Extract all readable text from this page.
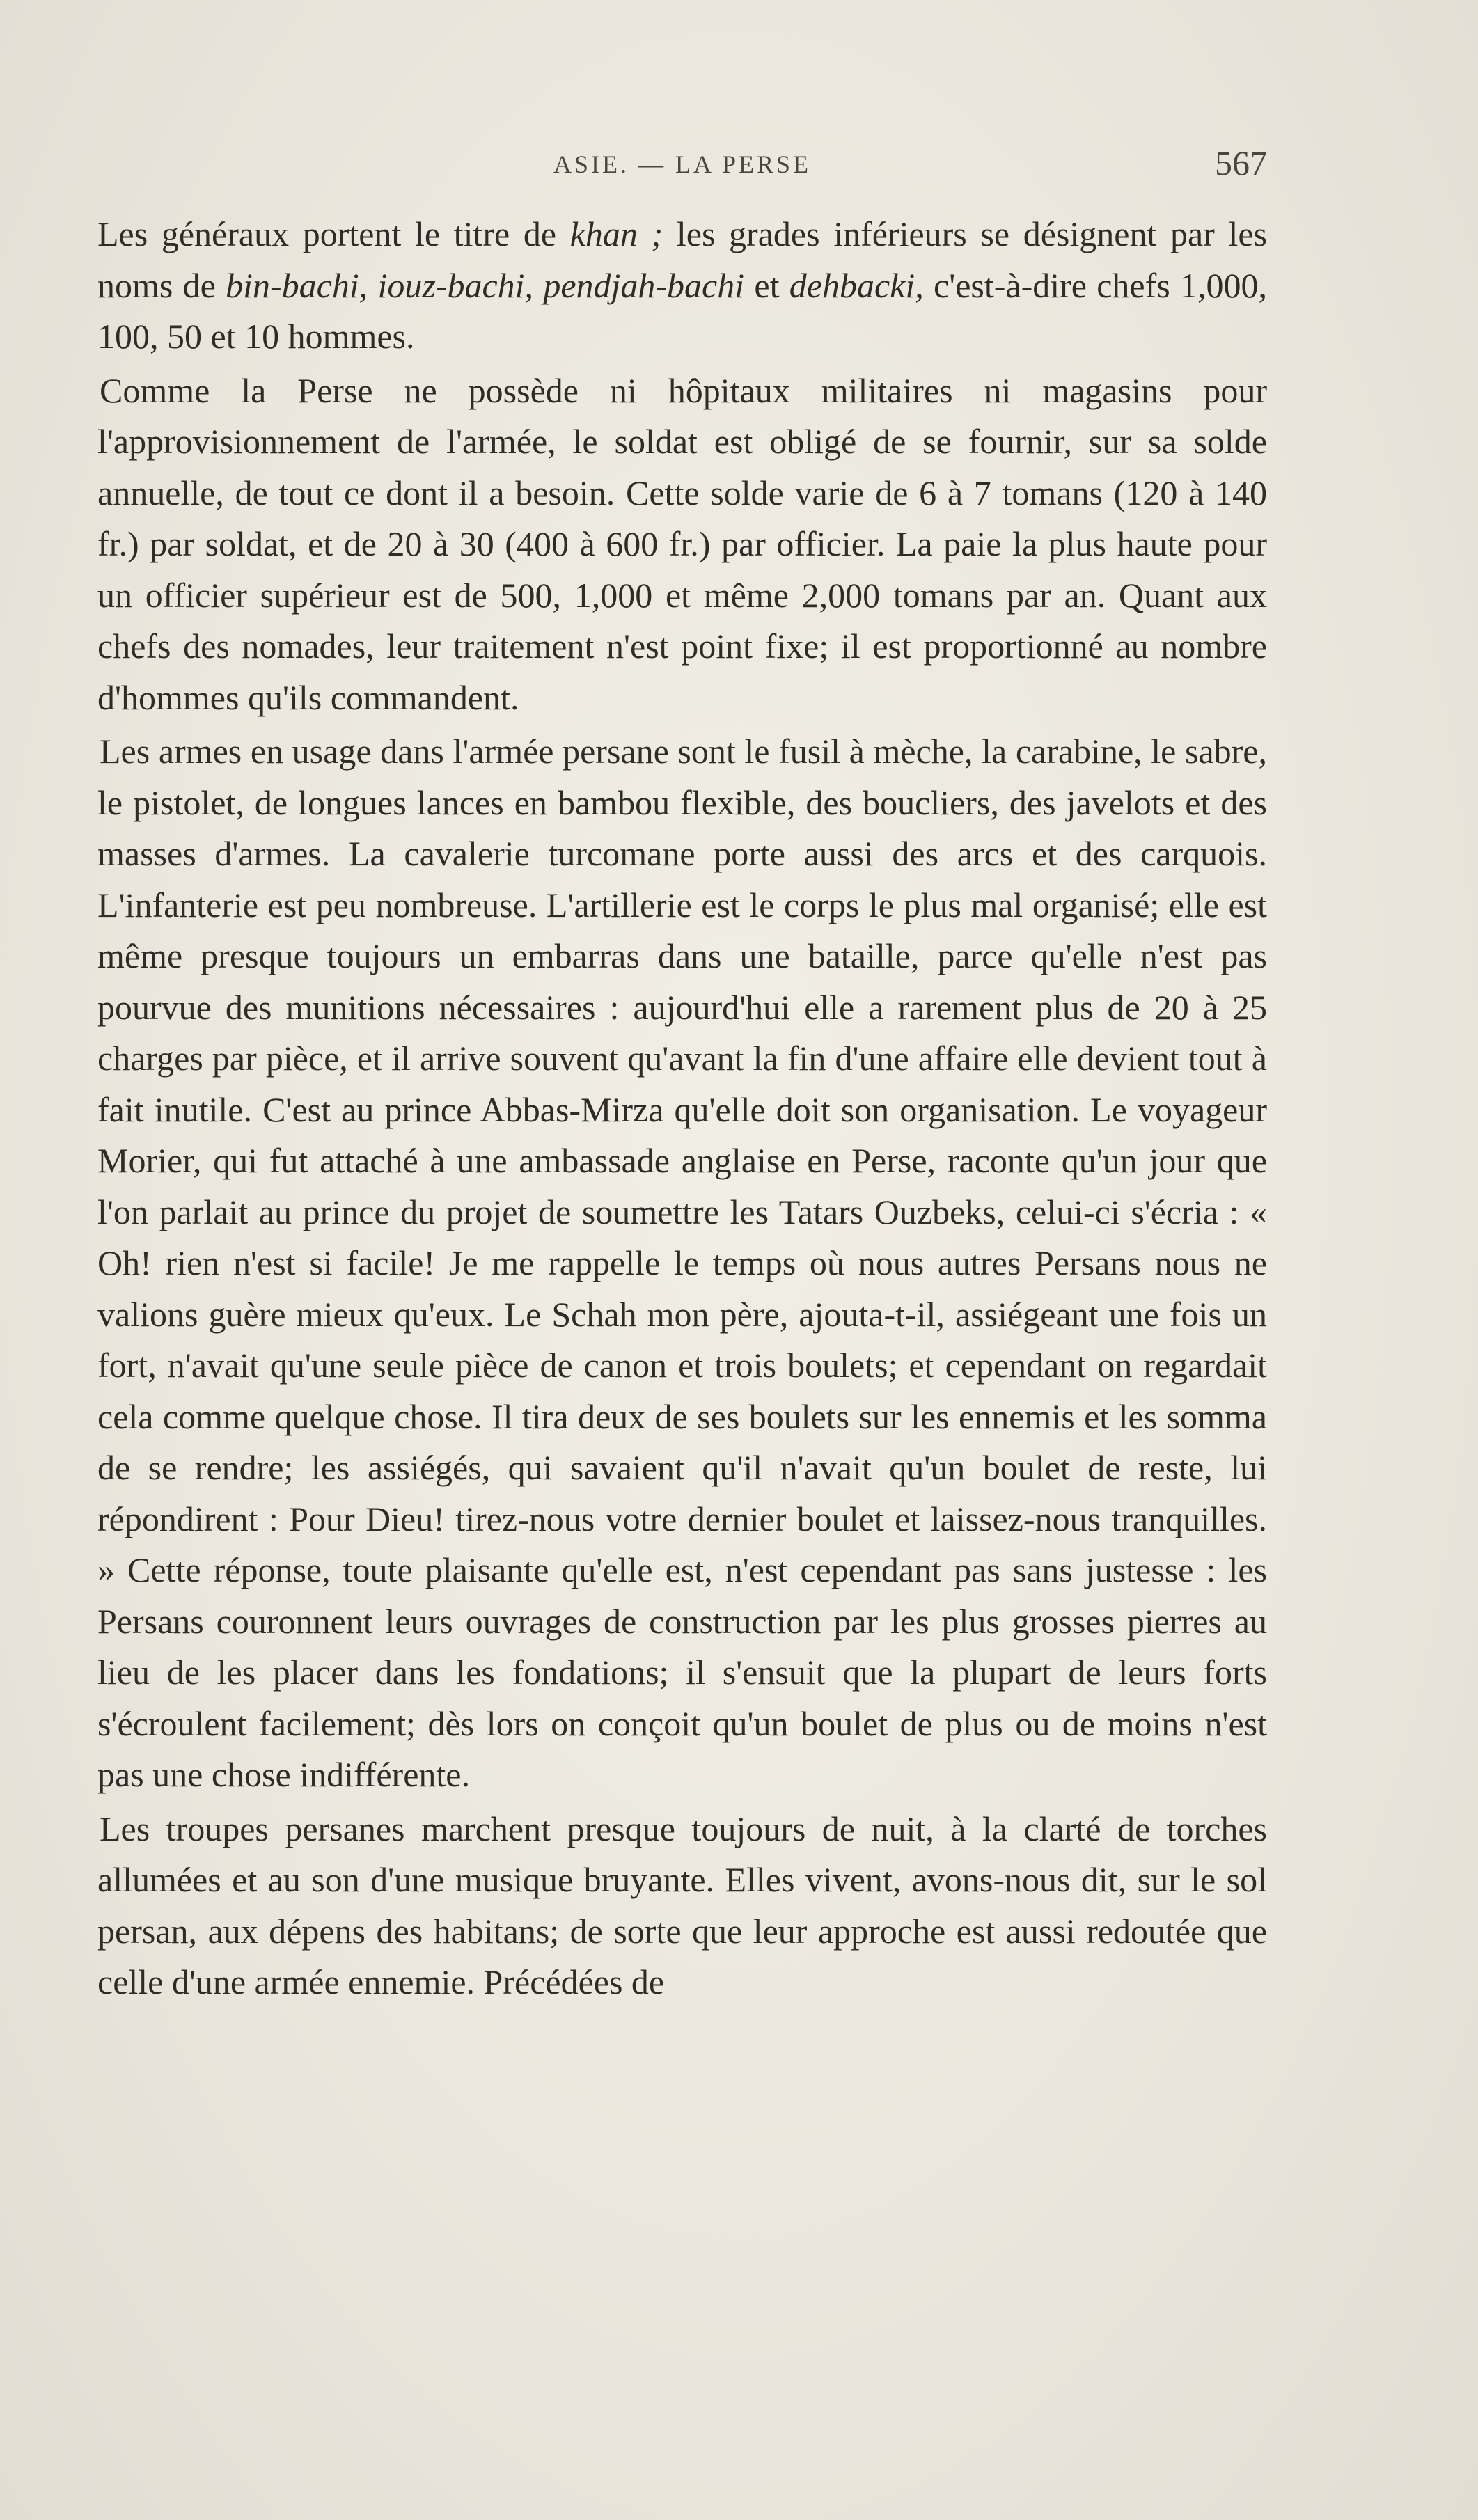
ASIE. — LA PERSE	567

Les généraux portent le titre de khan ; les grades inférieurs se désignent par les noms de bin-bachi, iouz-bachi, pendjah-bachi et dehbacki, c'est-à-dire chefs 1,000, 100, 50 et 10 hommes.

Comme la Perse ne possède ni hôpitaux militaires ni magasins pour l'approvisionnement de l'armée, le soldat est obligé de se fournir, sur sa solde annuelle, de tout ce dont il a besoin. Cette solde varie de 6 à 7 tomans (120 à 140 fr.) par soldat, et de 20 à 30 (400 à 600 fr.) par officier. La paie la plus haute pour un officier supérieur est de 500, 1,000 et même 2,000 tomans par an. Quant aux chefs des nomades, leur traitement n'est point fixe; il est proportionné au nombre d'hommes qu'ils commandent.

Les armes en usage dans l'armée persane sont le fusil à mèche, la carabine, le sabre, le pistolet, de longues lances en bambou flexible, des boucliers, des javelots et des masses d'armes. La cavalerie turcomane porte aussi des arcs et des carquois. L'infanterie est peu nombreuse. L'artillerie est le corps le plus mal organisé; elle est même presque toujours un embarras dans une bataille, parce qu'elle n'est pas pourvue des munitions nécessaires : aujourd'hui elle a rarement plus de 20 à 25 charges par pièce, et il arrive souvent qu'avant la fin d'une affaire elle devient tout à fait inutile. C'est au prince Abbas-Mirza qu'elle doit son organisation. Le voyageur Morier, qui fut attaché à une ambassade anglaise en Perse, raconte qu'un jour que l'on parlait au prince du projet de soumettre les Tatars Ouzbeks, celui-ci s'écria : « Oh! rien n'est si facile! Je me rappelle le temps où nous autres Persans nous ne valions guère mieux qu'eux. Le Schah mon père, ajouta-t-il, assiégeant une fois un fort, n'avait qu'une seule pièce de canon et trois boulets; et cependant on regardait cela comme quelque chose. Il tira deux de ses boulets sur les ennemis et les somma de se rendre; les assiégés, qui savaient qu'il n'avait qu'un boulet de reste, lui répondirent : Pour Dieu! tirez-nous votre dernier boulet et laissez-nous tranquilles. » Cette réponse, toute plaisante qu'elle est, n'est cependant pas sans justesse : les Persans couronnent leurs ouvrages de construction par les plus grosses pierres au lieu de les placer dans les fondations; il s'ensuit que la plupart de leurs forts s'écroulent facilement; dès lors on conçoit qu'un boulet de plus ou de moins n'est pas une chose indifférente.

Les troupes persanes marchent presque toujours de nuit, à la clarté de torches allumées et au son d'une musique bruyante. Elles vivent, avons-nous dit, sur le sol persan, aux dépens des habitans; de sorte que leur approche est aussi redoutée que celle d'une armée ennemie. Précédées de
